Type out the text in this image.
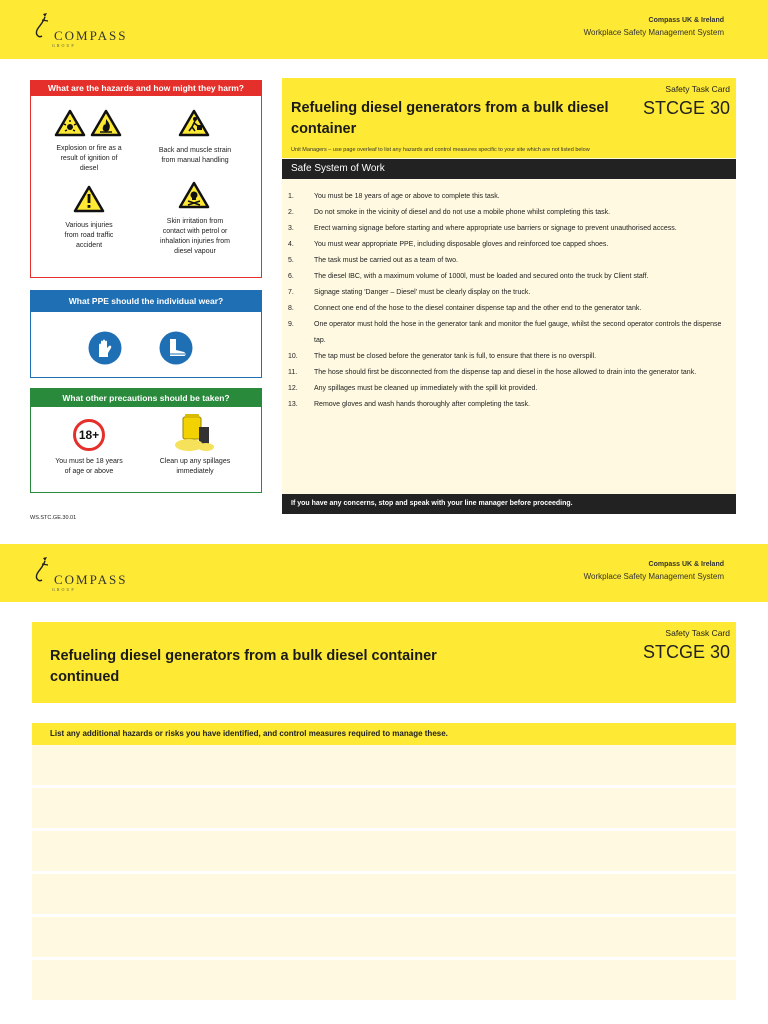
COMPASS
GROUP
Compass UK & Ireland
Workplace Safety Management System
What are the hazards and how might they harm?
Explosion or fire as a
result of ignition of
diesel
Back and muscle strain
from manual handling
Various injuries
from road traffic
accident
Skin irritation from
contact with petrol or
inhalation injuries from
diesel vapour
What PPE should the individual wear?
What other precautions should be taken?
18+
You must be 18 years
of age or above
Clean up any spillages
immediately
Refueling diesel generators from a bulk diesel container
Safety Task Card
STCGE 30
Unit Managers – use page overleaf to list any hazards and control measures specific to your site which are not listed below
Safe System of Work
1.	You must be 18 years of age or above to complete this task.
2.	Do not smoke in the vicinity of diesel and do not use a mobile phone whilst completing this task.
3.	Erect warning signage before starting and where appropriate use barriers or signage to prevent unauthorised access.
4.	You must wear appropriate PPE, including disposable gloves and reinforced toe capped shoes.
5.	The task must be carried out as a team of two.
6.	The diesel IBC, with a maximum volume of 1000l, must be loaded and secured onto the truck by Client staff.
7.	Signage stating 'Danger – Diesel' must be clearly display on the truck.
8.	Connect one end of the hose to the diesel container dispense tap and the other end to the generator tank.
9.	One operator must hold the hose in the generator tank and monitor the fuel gauge, whilst the second operator controls the dispense tap.
10.	The tap must be closed before the generator tank is full, to ensure that there is no overspill.
11.	The hose should first be disconnected from the dispense tap and diesel in the hose allowed to drain into the generator tank.
12.	Any spillages must be cleaned up immediately with the spill kit provided.
13.	Remove gloves and wash hands thoroughly after completing the task.
If you have any concerns, stop and speak with your line manager before proceeding.
WS.STC.GE.30.01
COMPASS
GROUP
Compass UK & Ireland
Workplace Safety Management System
Refueling diesel generators from a bulk diesel container continued
Safety Task Card
STCGE 30
List any additional hazards or risks you have identified, and control measures required to manage these.
